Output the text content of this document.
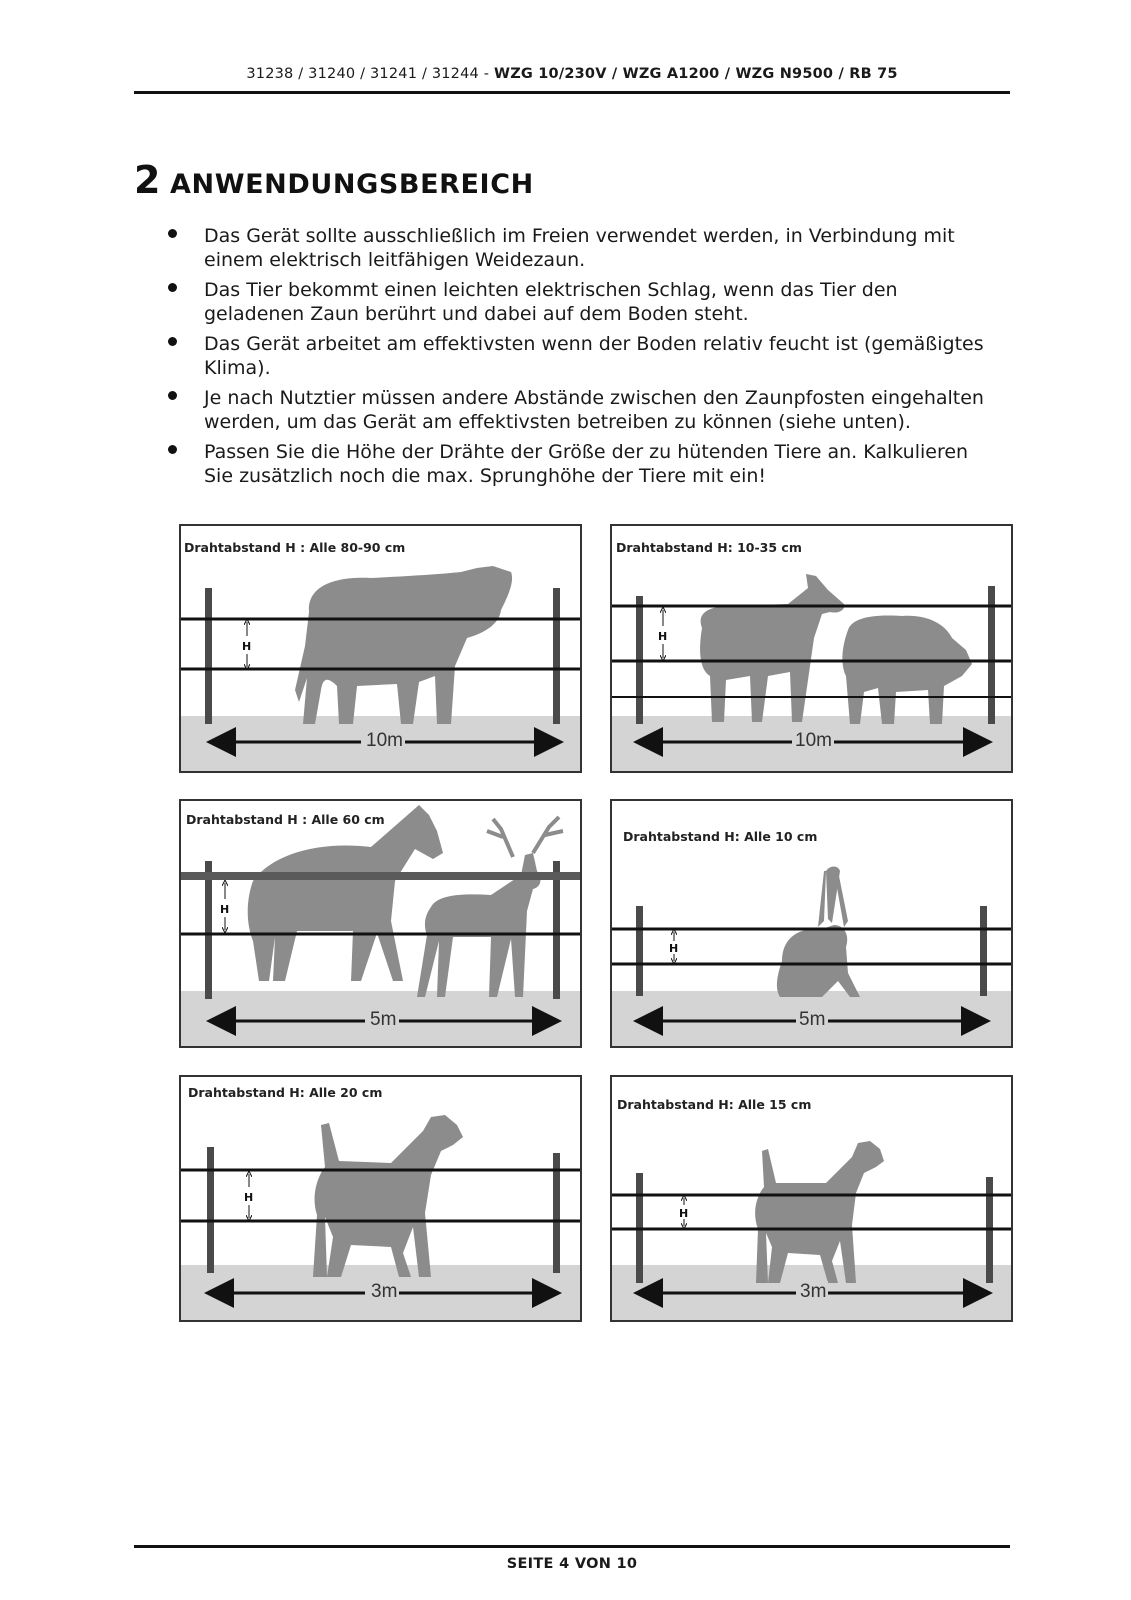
31238 / 31240 / 31241 / 31244 - WZG 10/230V / WZG A1200 / WZG N9500 / RB 75
2 ANWENDUNGSBEREICH
Das Gerät sollte ausschließlich im Freien verwendet werden, in Verbindung mit einem elektrisch leitfähigen Weidezaun.
Das Tier bekommt einen leichten elektrischen Schlag, wenn das Tier den geladenen Zaun berührt und dabei auf dem Boden steht.
Das Gerät arbeitet am effektivsten wenn der Boden relativ feucht ist (gemäßigtes Klima).
Je nach Nutztier müssen andere Abstände zwischen den Zaunpfosten eingehalten werden, um das Gerät am effektivsten betreiben zu können (siehe unten).
Passen Sie die Höhe der Drähte der Größe der zu hütenden Tiere an. Kalkulieren Sie zusätzlich noch die max. Sprunghöhe der Tiere mit ein!
H
Drahtabstand H : Alle 80-90 cm
10m
H
Drahtabstand H: 10-35 cm
10m
H
Drahtabstand H : Alle 60 cm
5m
H
Drahtabstand H: Alle 10 cm
5m
H
Drahtabstand H: Alle 20 cm
3m
H
Drahtabstand H: Alle 15 cm
3m
SEITE 4 VON 10
